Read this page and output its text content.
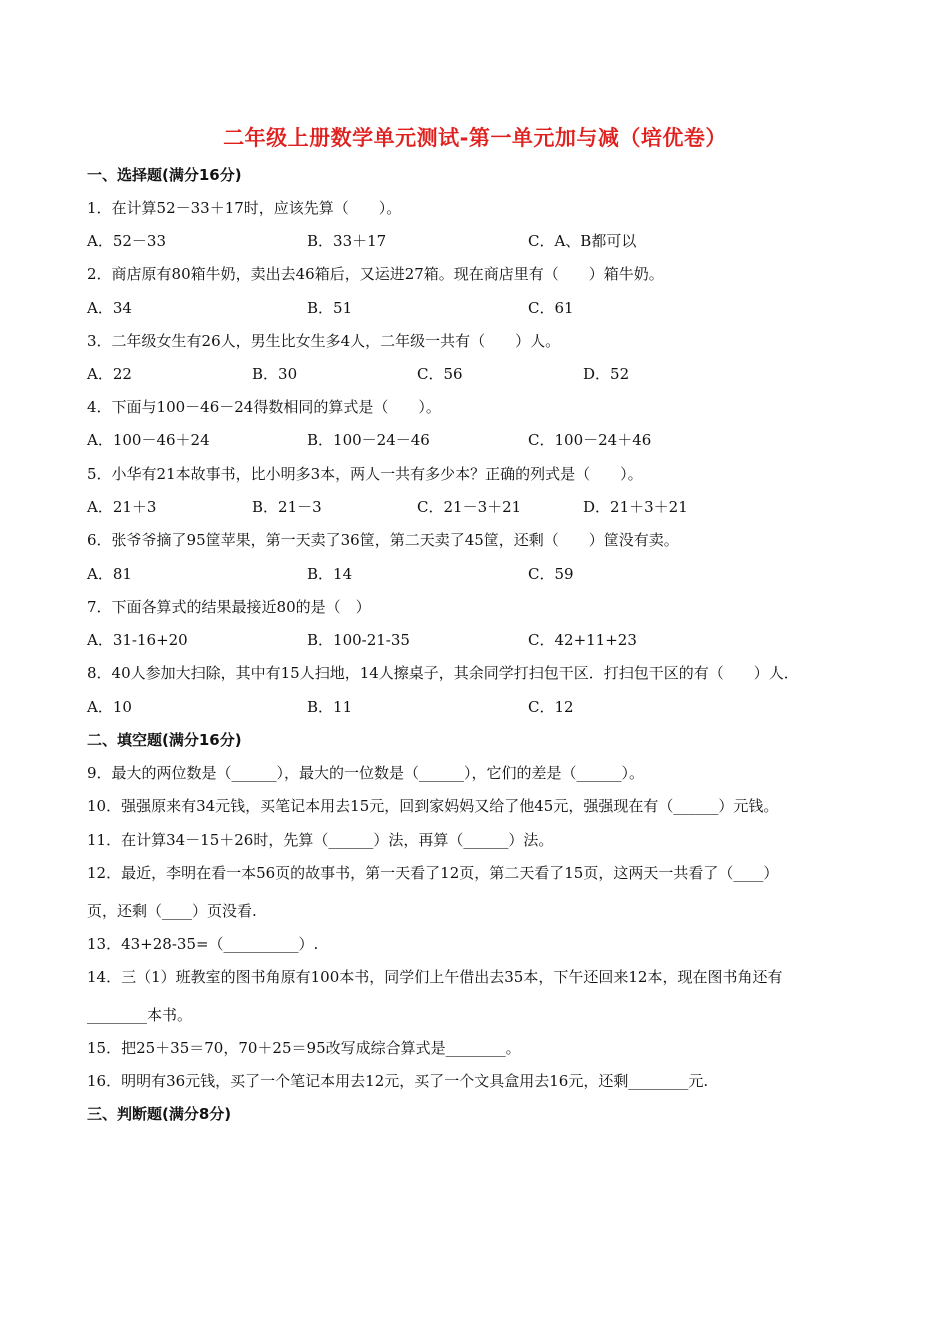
二年级上册数学单元测试-第一单元加与减（培优卷）
一、选择题(满分16分)
1．在计算52－33＋17时，应该先算（　　）。
A．52－33	B．33＋17	C．A、B都可以
2．商店原有80箱牛奶，卖出去46箱后，又运进27箱。现在商店里有（　　）箱牛奶。
A．34	B．51	C．61
3．二年级女生有26人，男生比女生多4人，二年级一共有（　　）人。
A．22	B．30	C．56	D．52
4．下面与100－46－24得数相同的算式是（　　）。
A．100－46＋24	B．100－24－46	C．100－24＋46
5．小华有21本故事书，比小明多3本，两人一共有多少本？正确的列式是（　　）。
A．21＋3	B．21－3	C．21－3＋21	D．21＋3＋21
6．张爷爷摘了95筐苹果，第一天卖了36筐，第二天卖了45筐，还剩（　　）筐没有卖。
A．81	B．14	C．59
7．下面各算式的结果最接近80的是（　）
A．31-16+20	B．100-21-35	C．42+11+23
8．40人参加大扫除，其中有15人扫地，14人擦桌子，其余同学打扫包干区．打扫包干区的有（　　）人．
A．10	B．11	C．12
二、填空题(满分16分)
9．最大的两位数是（______），最大的一位数是（______），它们的差是（______）。
10．强强原来有34元钱，买笔记本用去15元，回到家妈妈又给了他45元，强强现在有（______）元钱。
11．在计算34－15＋26时，先算（______）法，再算（______）法。
12．最近，李明在看一本56页的故事书，第一天看了12页，第二天看了15页，这两天一共看了（____）
页，还剩（____）页没看.
13．43+28-35=（__________）.
14．三（1）班教室的图书角原有100本书，同学们上午借出去35本，下午还回来12本，现在图书角还有
________本书。
15．把25＋35＝70，70＋25＝95改写成综合算式是________。
16．明明有36元钱，买了一个笔记本用去12元，买了一个文具盒用去16元，还剩________元.
三、判断题(满分8分)
